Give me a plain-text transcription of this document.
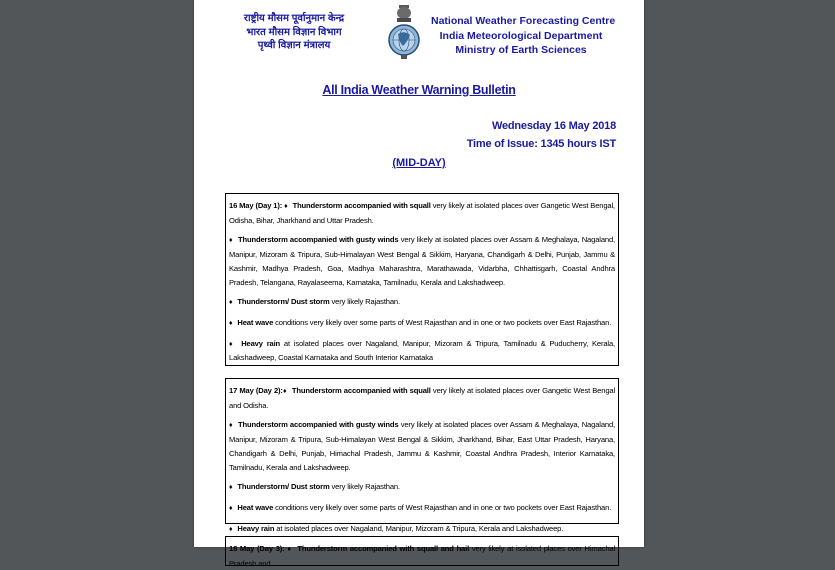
राष्ट्रीय मौसम पूर्वानुमान केन्द्र
भारत मौसम विज्ञान विभाग
पृथ्वी विज्ञान मंत्रालय
National Weather Forecasting Centre
India Meteorological Department
Ministry of Earth Sciences
All India Weather Warning Bulletin
Wednesday 16 May 2018
Time of Issue: 1345 hours IST
(MID-DAY)

16 May (Day 1): ♦ Thunderstorm accompanied with squall very likely at isolated places over Gangetic West Bengal, Odisha, Bihar, Jharkhand and Uttar Pradesh.

♦ Thunderstorm accompanied with gusty winds very likely at isolated places over Assam & Meghalaya, Nagaland, Manipur, Mizoram & Tripura, Sub-Himalayan West Bengal & Sikkim, Haryana, Chandigarh & Delhi, Punjab, Jammu & Kashmir, Madhya Pradesh, Goa, Madhya Maharashtra, Marathawada, Vidarbha, Chhattisgarh, Coastal Andhra Pradesh, Telangana, Rayalaseema, Karnataka, Tamilnadu, Kerala and Lakshadweep.

♦ Thunderstorm/ Dust storm very likely Rajasthan.

♦ Heat wave conditions very likely over some parts of West Rajasthan and in one or two pockets over East Rajasthan.

♦ Heavy rain at isolated places over Nagaland, Manipur, Mizoram & Tripura, Tamilnadu & Puducherry, Kerala, Lakshadweep, Coastal Karnataka and South Interior Karnataka

17 May (Day 2):♦ Thunderstorm accompanied with squall very likely at isolated places over Gangetic West Bengal and Odisha.

♦ Thunderstorm accompanied with gusty winds very likely at isolated places over Assam & Meghalaya, Nagaland, Manipur, Mizoram & Tripura, Sub-Himalayan West Bengal & Sikkim, Jharkhand, Bihar, East Uttar Pradesh, Haryana, Chandigarh & Delhi, Punjab, Himachal Pradesh, Jammu & Kashmir, Coastal Andhra Pradesh, Interior Karnataka, Tamilnadu, Kerala and Lakshadweep.

♦ Thunderstorm/ Dust storm very likely Rajasthan.

♦ Heat wave conditions very likely over some parts of West Rajasthan and in one or two pockets over East Rajasthan.

♦ Heavy rain at isolated places over Nagaland, Manipur, Mizoram & Tripura, Kerala and Lakshadweep.

18 May (Day 3): ♦ Thunderstorm accompanied with squall and hail very likely at isolated places over Himachal Pradesh and
